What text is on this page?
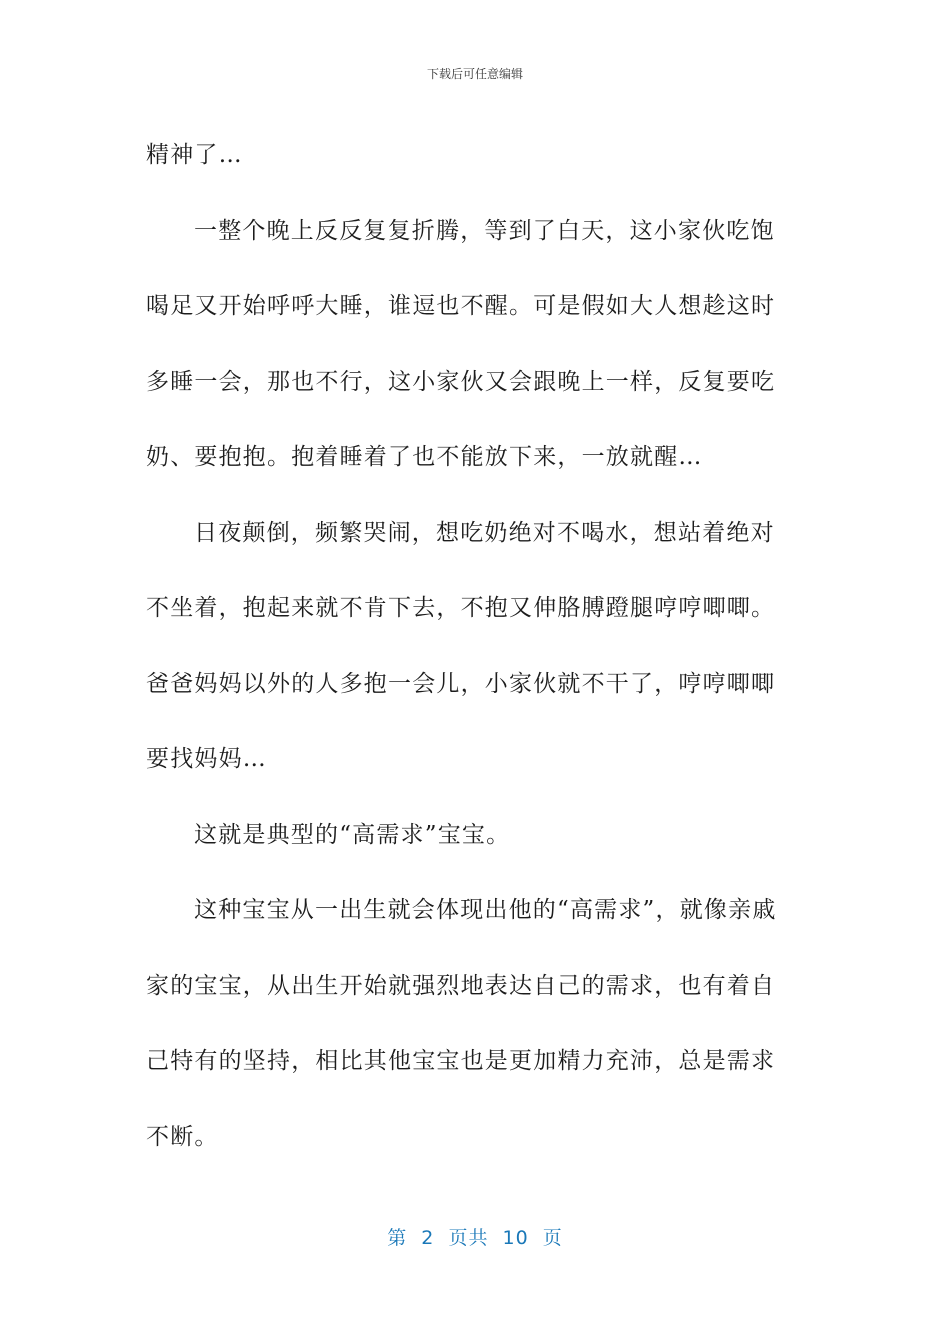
下载后可任意编辑

精神了…

一整个晚上反反复复折腾，等到了白天，这小家伙吃饱喝足又开始呼呼大睡，谁逗也不醒。可是假如大人想趁这时多睡一会，那也不行，这小家伙又会跟晚上一样，反复要吃奶、要抱抱。抱着睡着了也不能放下来，一放就醒…

日夜颠倒，频繁哭闹，想吃奶绝对不喝水，想站着绝对不坐着，抱起来就不肯下去，不抱又伸胳膊蹬腿哼哼唧唧。爸爸妈妈以外的人多抱一会儿，小家伙就不干了，哼哼唧唧要找妈妈…

这就是典型的“高需求”宝宝。

这种宝宝从一出生就会体现出他的“高需求”，就像亲戚家的宝宝，从出生开始就强烈地表达自己的需求，也有着自己特有的坚持，相比其他宝宝也是更加精力充沛，总是需求不断。

第  2  页共  10  页
